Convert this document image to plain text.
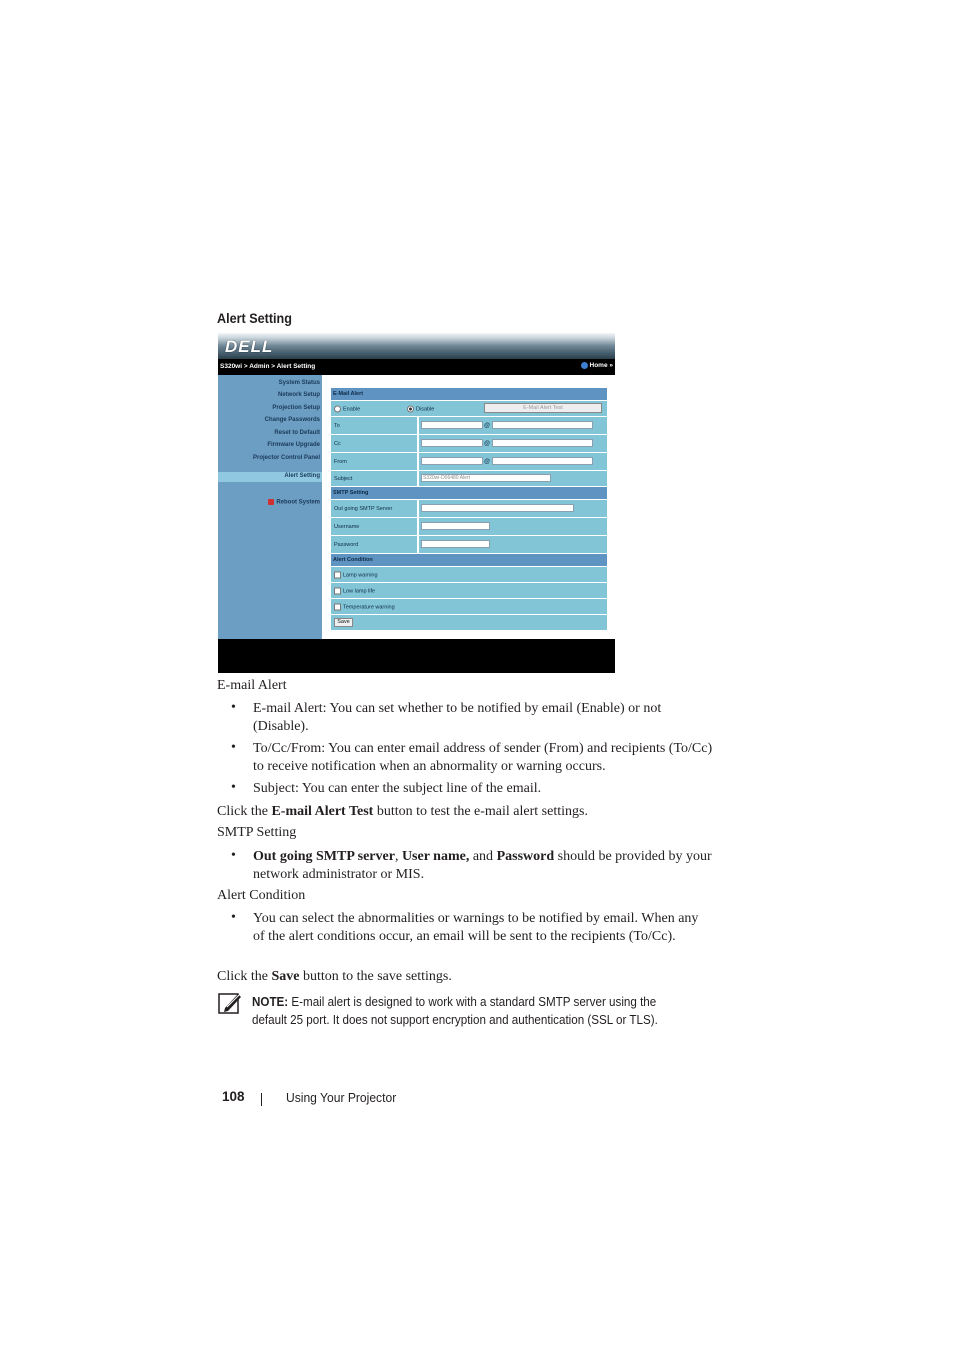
Alert Setting
DELL
S320wi > Admin > Alert Setting	Home »
System Status
Network Setup
Projection Setup
Change Passwords
Reset to Default
Firmware Upgrade
Projector Control Panel
Alert Setting
Reboot System
E-Mail Alert
Enable	Disable	E-Mail Alert Test
To	@
Cc	@
From	@
Subject	S320wi-D06480 Alert
SMTP Setting
Out going SMTP Server
Username
Password
Alert Condition
Lamp warning
Low lamp life
Temperature warning
Save
E-mail Alert
• E-mail Alert: You can set whether to be notified by email (Enable) or not (Disable).
• To/Cc/From: You can enter email address of sender (From) and recipients (To/Cc) to receive notification when an abnormality or warning occurs.
• Subject: You can enter the subject line of the email.
Click the E-mail Alert Test button to test the e-mail alert settings.
SMTP Setting
• Out going SMTP server, User name, and Password should be provided by your network administrator or MIS.
Alert Condition
• You can select the abnormalities or warnings to be notified by email. When any of the alert conditions occur, an email will be sent to the recipients (To/Cc).
Click the Save button to the save settings.
NOTE: E-mail alert is designed to work with a standard SMTP server using the default 25 port. It does not support encryption and authentication (SSL or TLS).
108	Using Your Projector
